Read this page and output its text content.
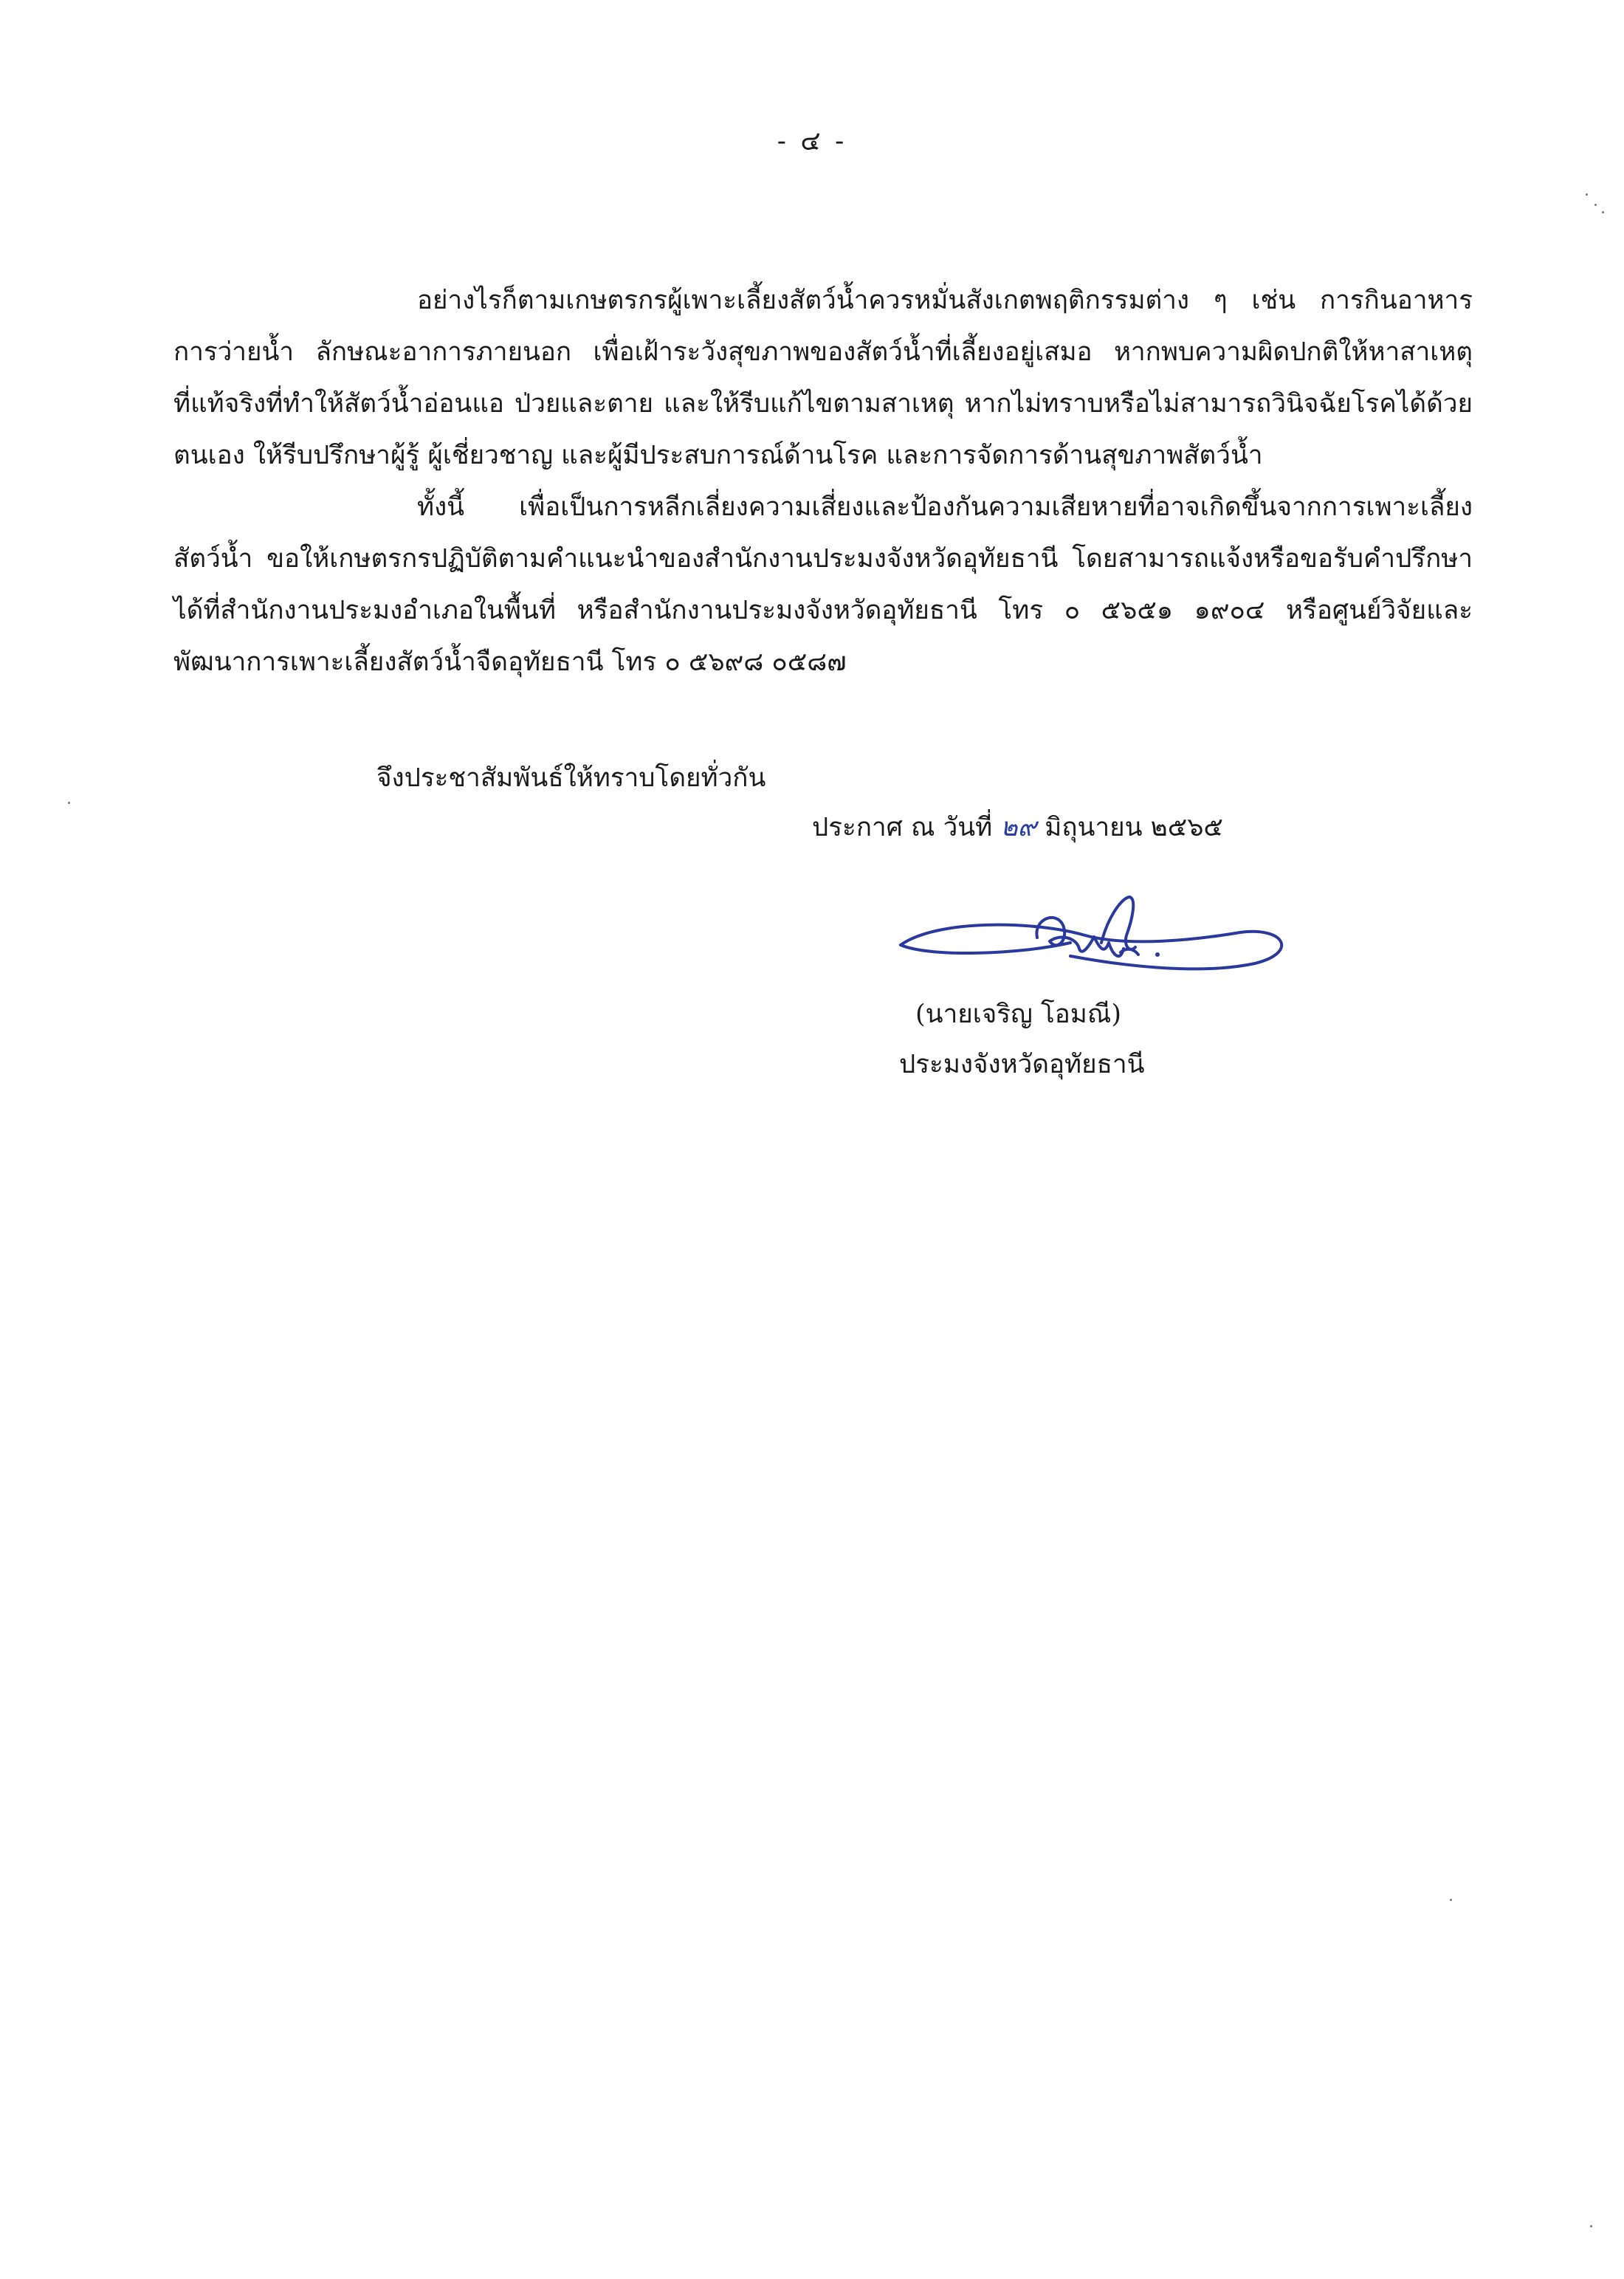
- ๔ -

อย่างไรก็ตามเกษตรกรผู้เพาะเลี้ยงสัตว์น้ำควรหมั่นสังเกตพฤติกรรมต่าง ๆ เช่น การกินอาหาร การว่ายน้ำ ลักษณะอาการภายนอก เพื่อเฝ้าระวังสุขภาพของสัตว์น้ำที่เลี้ยงอยู่เสมอ หากพบความผิดปกติให้หาสาเหตุที่แท้จริงที่ทำให้สัตว์น้ำอ่อนแอ ป่วยและตาย และให้รีบแก้ไขตามสาเหตุ หากไม่ทราบหรือไม่สามารถวินิจฉัยโรคได้ด้วยตนเอง ให้รีบปรึกษาผู้รู้ ผู้เชี่ยวชาญ และผู้มีประสบการณ์ด้านโรค และการจัดการด้านสุขภาพสัตว์น้ำ

ทั้งนี้ เพื่อเป็นการหลีกเลี่ยงความเสี่ยงและป้องกันความเสียหายที่อาจเกิดขึ้นจากการเพาะเลี้ยงสัตว์น้ำ ขอให้เกษตรกรปฏิบัติตามคำแนะนำของสำนักงานประมงจังหวัดอุทัยธานี โดยสามารถแจ้งหรือขอรับคำปรึกษาได้ที่สำนักงานประมงอำเภอในพื้นที่ หรือสำนักงานประมงจังหวัดอุทัยธานี โทร ๐ ๕๖๕๑ ๑๙๐๔ หรือศูนย์วิจัยและพัฒนาการเพาะเลี้ยงสัตว์น้ำจืดอุทัยธานี โทร ๐ ๕๖๙๘ ๐๕๘๗

จึงประชาสัมพันธ์ให้ทราบโดยทั่วกัน
ประกาศ ณ วันที่ ๒๙ มิถุนายน ๒๕๖๕
(นายเจริญ โอมณี)
ประมงจังหวัดอุทัยธานี
